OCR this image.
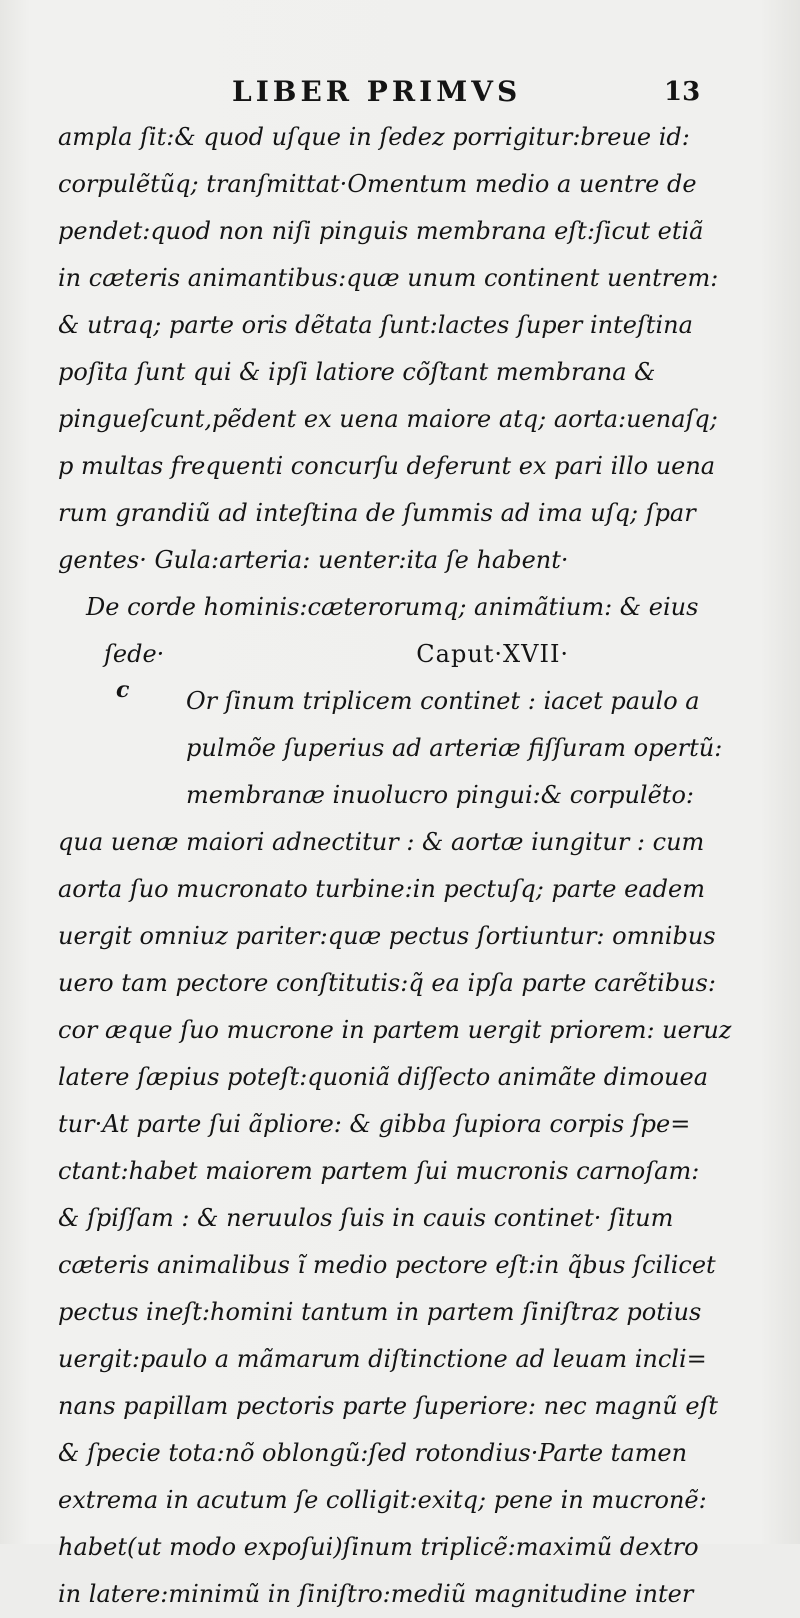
LIBER PRIMVS	13
c
ampla ſit:& quod uſque in ſedez porrigitur:breue id:
corpulẽtũq; tranſmittat·Omentum medio a uentre de
pendet:quod non niſi pinguis membrana eſt:ſicut etiã
in cæteris animantibus:quæ unum continent uentrem:
& utraq; parte oris dẽtata ſunt:lactes ſuper inteſtina
poſita ſunt qui & ipſi latiore cõſtant membrana &
pingueſcunt,pẽdent ex uena maiore atq; aorta:uenaſq;
p multas frequenti concurſu deferunt ex pari illo uena
rum grandiũ ad inteſtina de ſummis ad ima uſq; ſpar
gentes· Gula:arteria: uenter:ita ſe habent·
De corde hominis:cæterorumq; animãtium: & eius
ſede·	Caput·XVII·
Or ſinum triplicem continet : iacet paulo a
pulmõe ſuperius ad arteriæ fiſſuram opertũ:
membranæ inuolucro pingui:& corpulẽto:
qua uenæ maiori adnectitur : & aortæ iungitur : cum
aorta ſuo mucronato turbine:in pectuſq; parte eadem
uergit omniuz pariter:quæ pectus ſortiuntur: omnibus
uero tam pectore conſtitutis:q̃ ea ipſa parte carẽtibus:
cor æque ſuo mucrone in partem uergit priorem: ueruz
latere ſæpius poteſt:quoniã diſſecto animãte dimouea
tur·At parte ſui ãpliore: & gibba ſupiora corpis ſpe=
ctant:habet maiorem partem ſui mucronis carnoſam:
& ſpiſſam : & neruulos ſuis in cauis continet· ſitum
cæteris animalibus ĩ medio pectore eſt:in q̃bus ſcilicet
pectus ineſt:homini tantum in partem ſiniſtraz potius
uergit:paulo a mãmarum diſtinctione ad leuam incli=
nans papillam pectoris parte ſuperiore: nec magnũ eſt
& ſpecie tota:nõ oblongũ:ſed rotondius·Parte tamen
extrema in acutum ſe colligit:exitq; pene in mucronẽ:
habet(ut modo expoſui)ſinum triplicẽ:maximũ dextro
in latere:minimũ in ſiniſtro:mediũ magnitudine inter
